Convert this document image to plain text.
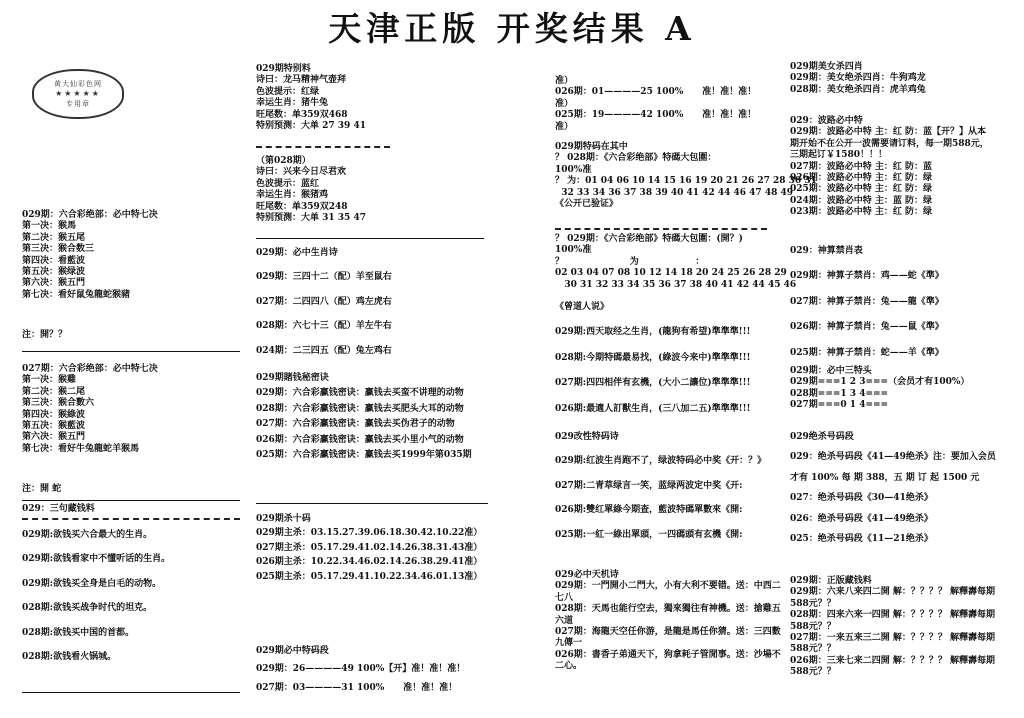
天津正版 开奖结果 A
黄大仙彩色网
★★★★★
专用章
029期：六合彩绝部：必中特七决
第一决：猴馬
第二决：猴五尾
第三决：猴合数三
第四决：看藍波
第五决：猴绿波
第六决：猴五門
第七决：看好鼠兔龍蛇猴豬
注：開？？
027期：六合彩绝部：必中特七决
第一决：猴雞
第二决：猴二尾
第三决：猴合數六
第四决：猴綠波
第五决：猴藍波
第六决：猴五門
第七决：看好牛兔龍蛇羊猴馬
注：開 蛇
029：三句藏钱料
029期:欲钱买六合最大的生肖。
029期:欲钱看家中不懂听话的生肖。
029期:欲钱买全身是白毛的动物。
028期:欲钱买战争时代的坦克。
028期:欲钱买中国的首都。
028期:欲钱看火锅城。
029期特别料
诗曰：龙马精神气壶拜
色波提示：红绿
幸运生肖：猪牛兔
旺尾数：单359双468
特别预测：大单 27 39 41
（第028期）
诗曰：兴来今日尽君欢
色波提示：蓝红
幸运生肖：猴猪鸡
旺尾数：单359双248
特别预测：大单 31 35 47
029期：必中生肖诗
029期：三四十二（配）羊至鼠右
027期：二四四八（配）鸡左虎右
028期：六七十三（配）羊左牛右
024期：二三四五（配）兔左鸡右
029期賭钱秘密诀
029期：六合彩赢钱密诀：赢钱去买蛮不讲理的动物
028期：六合彩赢钱密诀：赢钱去买肥头大耳的动物
027期：六合彩赢钱密诀：赢钱去买伪君子的动物
026期：六合彩赢钱密诀：赢钱去买小里小气的动物
025期：六合彩赢钱密诀：赢钱去买1999年第035期
029期杀十码
029期主杀：03.15.27.39.06.18.30.42.10.22准）
027期主杀：05.17.29.41.02.14.26.38.31.43准）
026期主杀：10.22.34.46.02.14.26.38.29.41准）
025期主杀：05.17.29.41.10.22.34.46.01.13准）
029期必中特码段
029期：26————49 100%【开】准！准！准！
027期：03————31 100%      准！准！准！
准）
026期：01————25 100%      准！准！准！
准）
025期：19————42 100%      准！准！准！
准）
029期特码在其中
？ 028期：《六合彩绝部》特碼大包圍：
100%准
？ 为：01 04 06 10 14 15 16 19 20 21 26 27 28 30 31
32 33 34 36 37 38 39 40 41 42 44 46 47 48 49
《公开已验证》
？ 029期：《六合彩绝部》特碼大包圍：(開？)
100%准
？                     为                  ：
02 03 04 07 08 10 12 14 18 20 24 25 26 28 29
30 31 32 33 34 35 36 37 38 40 41 42 44 45 46
《曾道人说》
029期:西天取经之生肖，(龍狗有希望)準準準!!!
028期:今期特碼最易找，(綠波今来中)準準準!!!
027期:四四相伴有玄機，(大小二讓位)準準準!!!
026期:最適人訂獸生肖，(三八加二五)準準準!!!
029改性特码诗
029期:红波生肖跑不了，绿波特码必中奖《开：？》
027期:二青草绿言一笑，蓝绿两波定中奖《开:
026期:雙红單綠今期查，藍波特碼單數來《開:
025期:一紅一綠出單頭，一四碼頭有玄機《開:
029必中天机诗
029期：一門開小二門大，小有大利不要错。送：中西二七八
028期：天馬也能行空去，獨來獨往有神機。送：搶雞五六道
027期：海龍天空任你游，是龍是馬任你猜。送：三四數九傳一
026期：書香子弟通天下，狗拿耗子管閒事。送：沙場不二心。
029期美女杀四肖
029期：美女绝杀四肖：牛狗鸡龙
028期：美女绝杀四肖：虎羊鸡兔
029：波路必中特
029期：波路必中特 主：红 防：蓝【开？】从本
期开始不在公开一波需要请订料，每一期588元，
三期起订￥1580！！！
027期：波路必中特 主：红 防：蓝
026期：波路必中特 主：红 防：绿
025期：波路必中特 主：红 防：绿
024期：波路必中特 主：蓝 防：绿
023期：波路必中特 主：红 防：绿
029：神算禁肖表
029期：神算子禁肖：鸡——蛇《準》
027期：神算子禁肖：兔——龍《準》
026期：神算子禁肖：兔——鼠《準》
025期：神算子禁肖：蛇——羊《準》
029期：必中三特头
029期===1 2 3===（会员才有100%）
028期===1 3 4===
027期===0 1 4===
029绝杀号码段
029：绝杀号码段《41—49绝杀》注：要加入会员
才有 100% 每 期 388，五 期 订 起 1500 元
027：绝杀号码段《30—41绝杀》
026：绝杀号码段《41—49绝杀》
025：绝杀号码段《11—21绝杀》
029期：正版藏钱料
029期：六来八来四二開 解：？？？？ 解釋壽每期
588元？？
028期：四来六来一四開 解：？？？？ 解釋壽每期
588元？？
027期：一来五来三二開 解：？？？？ 解釋壽每期
588元？？
026期：三来七来二四開 解：？？？？ 解釋壽每期
588元？？
